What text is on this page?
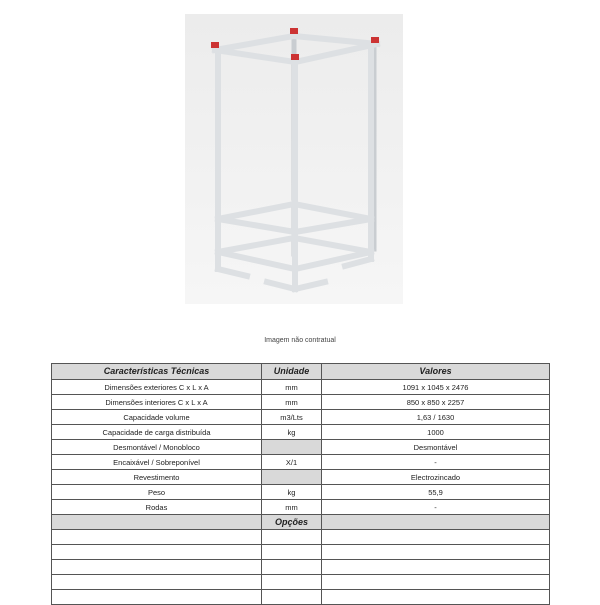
Imagem não contratual
Características Técnicas	Unidade	Valores
Dimensões exteriores C x L x A	mm	1091 x 1045 x 2476
Dimensões interiores C x L x A	mm	850 x 850 x 2257
Capacidade volume	m3/Lts	1,63 / 1630
Capacidade de carga distribuída	kg	1000
Desmontável / Monobloco		Desmontável
Encaixável / Sobreponível	X/1	-
Revestimento		Electrozincado
Peso	kg	55,9
Rodas	mm	-
	Opções	
